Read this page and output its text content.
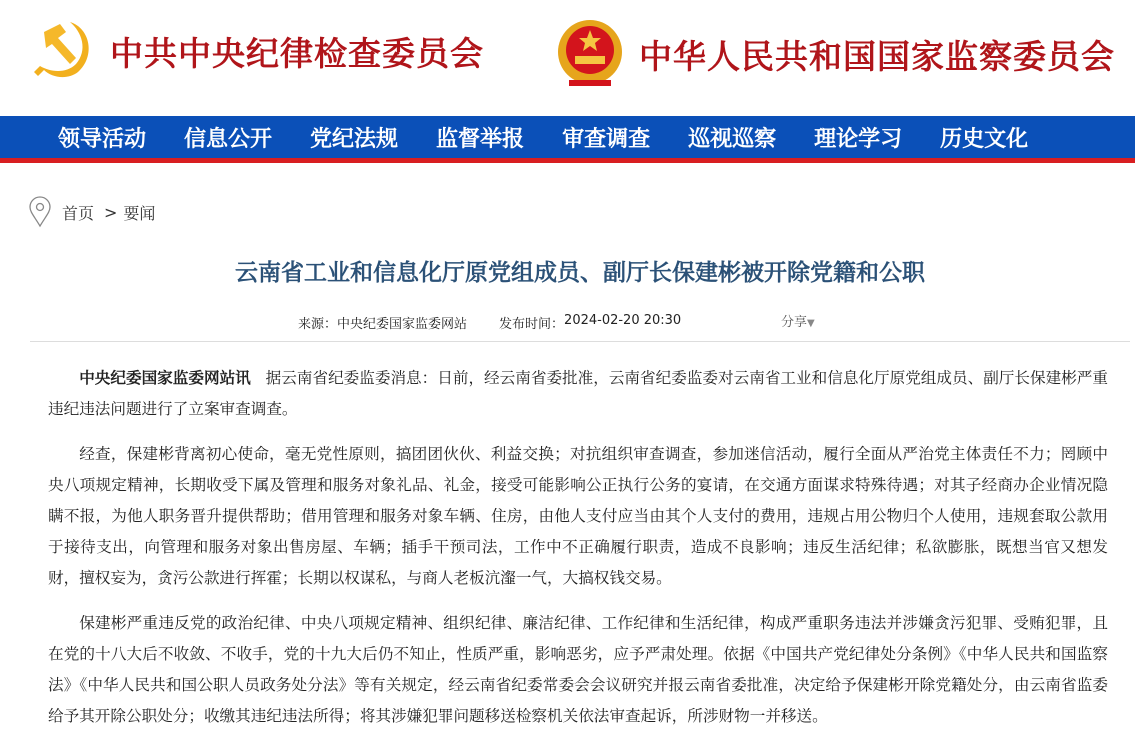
中共中央纪律检查委员会	中华人民共和国国家监察委员会
领导活动 信息公开 党纪法规 监督举报 审查调查 巡视巡察 理论学习 历史文化
首页 > 要闻
云南省工业和信息化厅原党组成员、副厅长保建彬被开除党籍和公职
来源： 中央纪委国家监委网站 发布时间： 2024-02-20 20:30	分享▼

中央纪委国家监委网站讯 据云南省纪委监委消息：日前，经云南省委批准，云南省纪委监委对云南省工业和信息化厅原党组成员、副厅长保建彬严重违纪违法问题进行了立案审查调查。

经查，保建彬背离初心使命，毫无党性原则，搞团团伙伙、利益交换；对抗组织审查调查，参加迷信活动，履行全面从严治党主体责任不力；罔顾中央八项规定精神，长期收受下属及管理和服务对象礼品、礼金，接受可能影响公正执行公务的宴请，在交通方面谋求特殊待遇；对其子经商办企业情况隐瞒不报，为他人职务晋升提供帮助；借用管理和服务对象车辆、住房，由他人支付应当由其个人支付的费用，违规占用公物归个人使用，违规套取公款用于接待支出，向管理和服务对象出售房屋、车辆；插手干预司法，工作中不正确履行职责，造成不良影响；违反生活纪律；私欲膨胀，既想当官又想发财，擅权妄为，贪污公款进行挥霍；长期以权谋私，与商人老板沆瀣一气，大搞权钱交易。

保建彬严重违反党的政治纪律、中央八项规定精神、组织纪律、廉洁纪律、工作纪律和生活纪律，构成严重职务违法并涉嫌贪污犯罪、受贿犯罪，且在党的十八大后不收敛、不收手，党的十九大后仍不知止，性质严重，影响恶劣，应予严肃处理。依据《中国共产党纪律处分条例》《中华人民共和国监察法》《中华人民共和国公职人员政务处分法》等有关规定，经云南省纪委常委会会议研究并报云南省委批准，决定给予保建彬开除党籍处分，由云南省监委给予其开除公职处分；收缴其违纪违法所得；将其涉嫌犯罪问题移送检察机关依法审查起诉，所涉财物一并移送。
